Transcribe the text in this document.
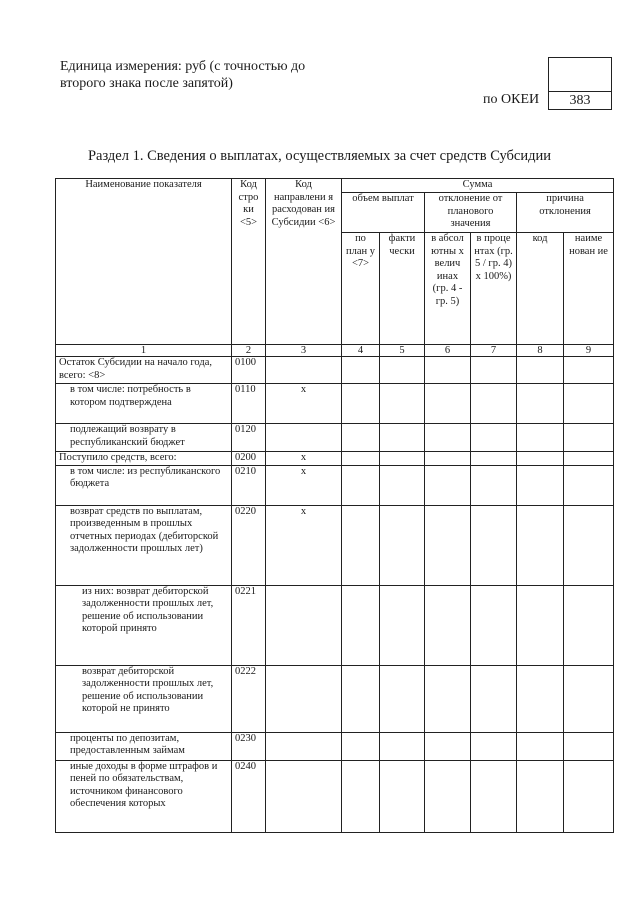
Единица измерения: руб (с точностью до второго знака после запятой)
по ОКЕИ	383
Раздел 1. Сведения о выплатах, осуществляемых за счет средств Субсидии
Наименование показателя	Код стро ки <5>	Код направлени я расходован ия Субсидии <6>	Сумма					
			объем выплат		отклонение от планового значения		причина отклонения	
			по план у <7>	факти чески	в абсол ютны х велич инах (гр. 4 - гр. 5)	в проце нтах (гр. 5 / гр. 4) x 100%)	код	наиме нован ие
1	2	3	4	5	6	7	8	9
Остаток Субсидии на начало года, всего: <8>	0100							
в том числе: потребность в котором подтверждена	0110	x						
подлежащий возврату в республиканский бюджет	0120							
Поступило средств, всего:	0200	x						
в том числе: из республиканского бюджета	0210	x						
возврат средств по выплатам, произведенным в прошлых отчетных периодах (дебиторской задолженности прошлых лет)	0220	x						
из них: возврат дебиторской задолженности прошлых лет, решение об использовании которой принято	0221							
возврат дебиторской задолженности прошлых лет, решение об использовании которой не принято	0222							
проценты по депозитам, предоставленным займам	0230							
иные доходы в форме штрафов и пеней по обязательствам, источником финансового обеспечения которых	0240							
